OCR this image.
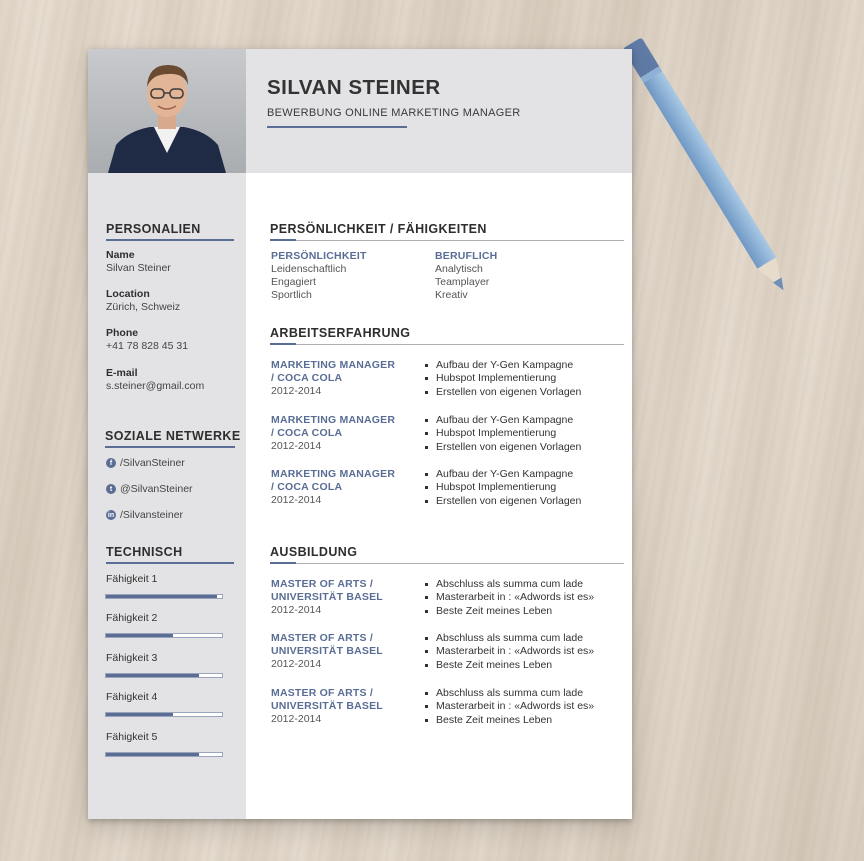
PERSONALIEN
Name
Silvan Steiner
Location
Zürich, Schweiz
Phone
+41 78 828 45 31
E-mail
s.steiner@gmail.com
SOZIALE NETWERKE
f /SilvanSteiner
t @SilvanSteiner
in /Silvansteiner
TECHNISCH
Fähigkeit 1
Fähigkeit 2
Fähigkeit 3
Fähigkeit 4
Fähigkeit 5
SILVAN STEINER
BEWERBUNG ONLINE MARKETING MANAGER
PERSÖNLICHKEIT / FÄHIGKEITEN
PERSÖNLICHKEIT
Leidenschaftlich
Engagiert
Sportlich
BERUFLICH
Analytisch
Teamplayer
Kreativ
ARBEITSERFAHRUNG
MARKETING MANAGER
/ COCA COLA
2012-2014
Aufbau der Y-Gen Kampagne
Hubspot Implementierung
Erstellen von eigenen Vorlagen
MARKETING MANAGER
/ COCA COLA
2012-2014
Aufbau der Y-Gen Kampagne
Hubspot Implementierung
Erstellen von eigenen Vorlagen
MARKETING MANAGER
/ COCA COLA
2012-2014
Aufbau der Y-Gen Kampagne
Hubspot Implementierung
Erstellen von eigenen Vorlagen
AUSBILDUNG
MASTER OF ARTS /
UNIVERSITÄT BASEL
2012-2014
Abschluss als summa cum lade
Masterarbeit in : «Adwords ist es»
Beste Zeit meines Leben
MASTER OF ARTS /
UNIVERSITÄT BASEL
2012-2014
Abschluss als summa cum lade
Masterarbeit in : «Adwords ist es»
Beste Zeit meines Leben
MASTER OF ARTS /
UNIVERSITÄT BASEL
2012-2014
Abschluss als summa cum lade
Masterarbeit in : «Adwords ist es»
Beste Zeit meines Leben
